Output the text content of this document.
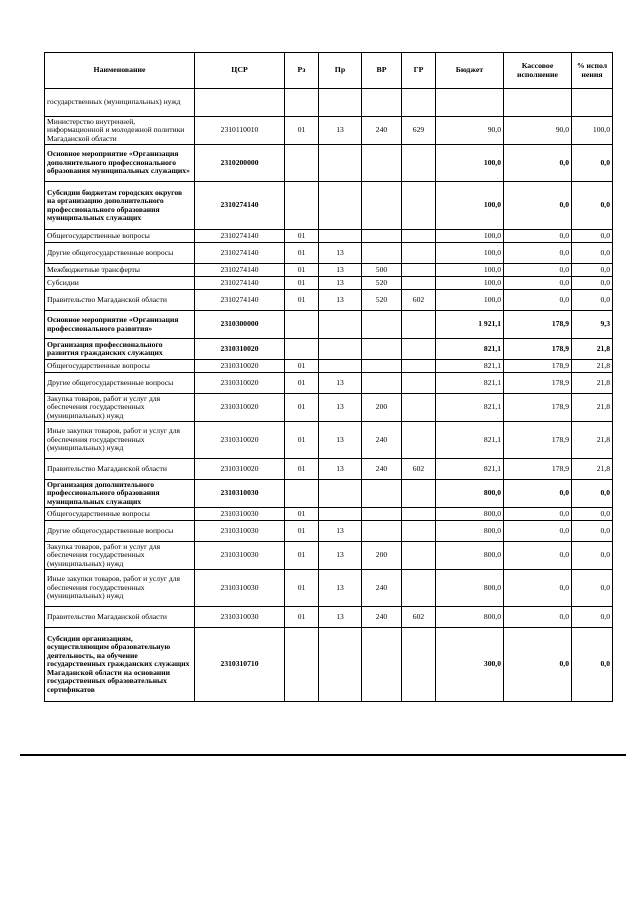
Наименование	ЦСР	Рз	Пр	ВР	ГР	Бюджет	Кассовое исполнение	% испол нения
государственных (муниципальных) нужд								
Министерство внутренней, информационной и молодежной политики Магаданской области	2310110010	01	13	240	629	90,0	90,0	100,0
Основное мероприятие «Организация дополнительного профессионального образования муниципальных служащих»	2310200000					100,0	0,0	0,0
Субсидии бюджетам городских округов на организацию дополнительного профессионального образования муниципальных служащих	2310274140					100,0	0,0	0,0
Общегосударственные вопросы	2310274140	01				100,0	0,0	0,0
Другие общегосударственные вопросы	2310274140	01	13			100,0	0,0	0,0
Межбюджетные трансферты	2310274140	01	13	500		100,0	0,0	0,0
Субсидии	2310274140	01	13	520		100,0	0,0	0,0
Правительство Магаданской области	2310274140	01	13	520	602	100,0	0,0	0,0
Основное мероприятие «Организация профессионального развития»	2310300000					1 921,1	178,9	9,3
Организация профессионального развития гражданских служащих	2310310020					821,1	178,9	21,8
Общегосударственные вопросы	2310310020	01				821,1	178,9	21,8
Другие общегосударственные вопросы	2310310020	01	13			821,1	178,9	21,8
Закупка товаров, работ и услуг для обеспечения государственных (муниципальных) нужд	2310310020	01	13	200		821,1	178,9	21,8
Иные закупки товаров, работ и услуг для обеспечения государственных (муниципальных) нужд	2310310020	01	13	240		821,1	178,9	21,8
Правительство Магаданской области	2310310020	01	13	240	602	821,1	178,9	21,8
Организация дополнительного профессионального образования муниципальных служащих	2310310030					800,0	0,0	0,0
Общегосударственные вопросы	2310310030	01				800,0	0,0	0,0
Другие общегосударственные вопросы	2310310030	01	13			800,0	0,0	0,0
Закупка товаров, работ и услуг для обеспечения государственных (муниципальных) нужд	2310310030	01	13	200		800,0	0,0	0,0
Иные закупки товаров, работ и услуг для обеспечения государственных (муниципальных) нужд	2310310030	01	13	240		800,0	0,0	0,0
Правительство Магаданской области	2310310030	01	13	240	602	800,0	0,0	0,0
Субсидии организациям, осуществляющим образовательную деятельность, на обучение государственных гражданских служащих Магаданской области на основании государственных образовательных сертификатов	2310310710					300,0	0,0	0,0
